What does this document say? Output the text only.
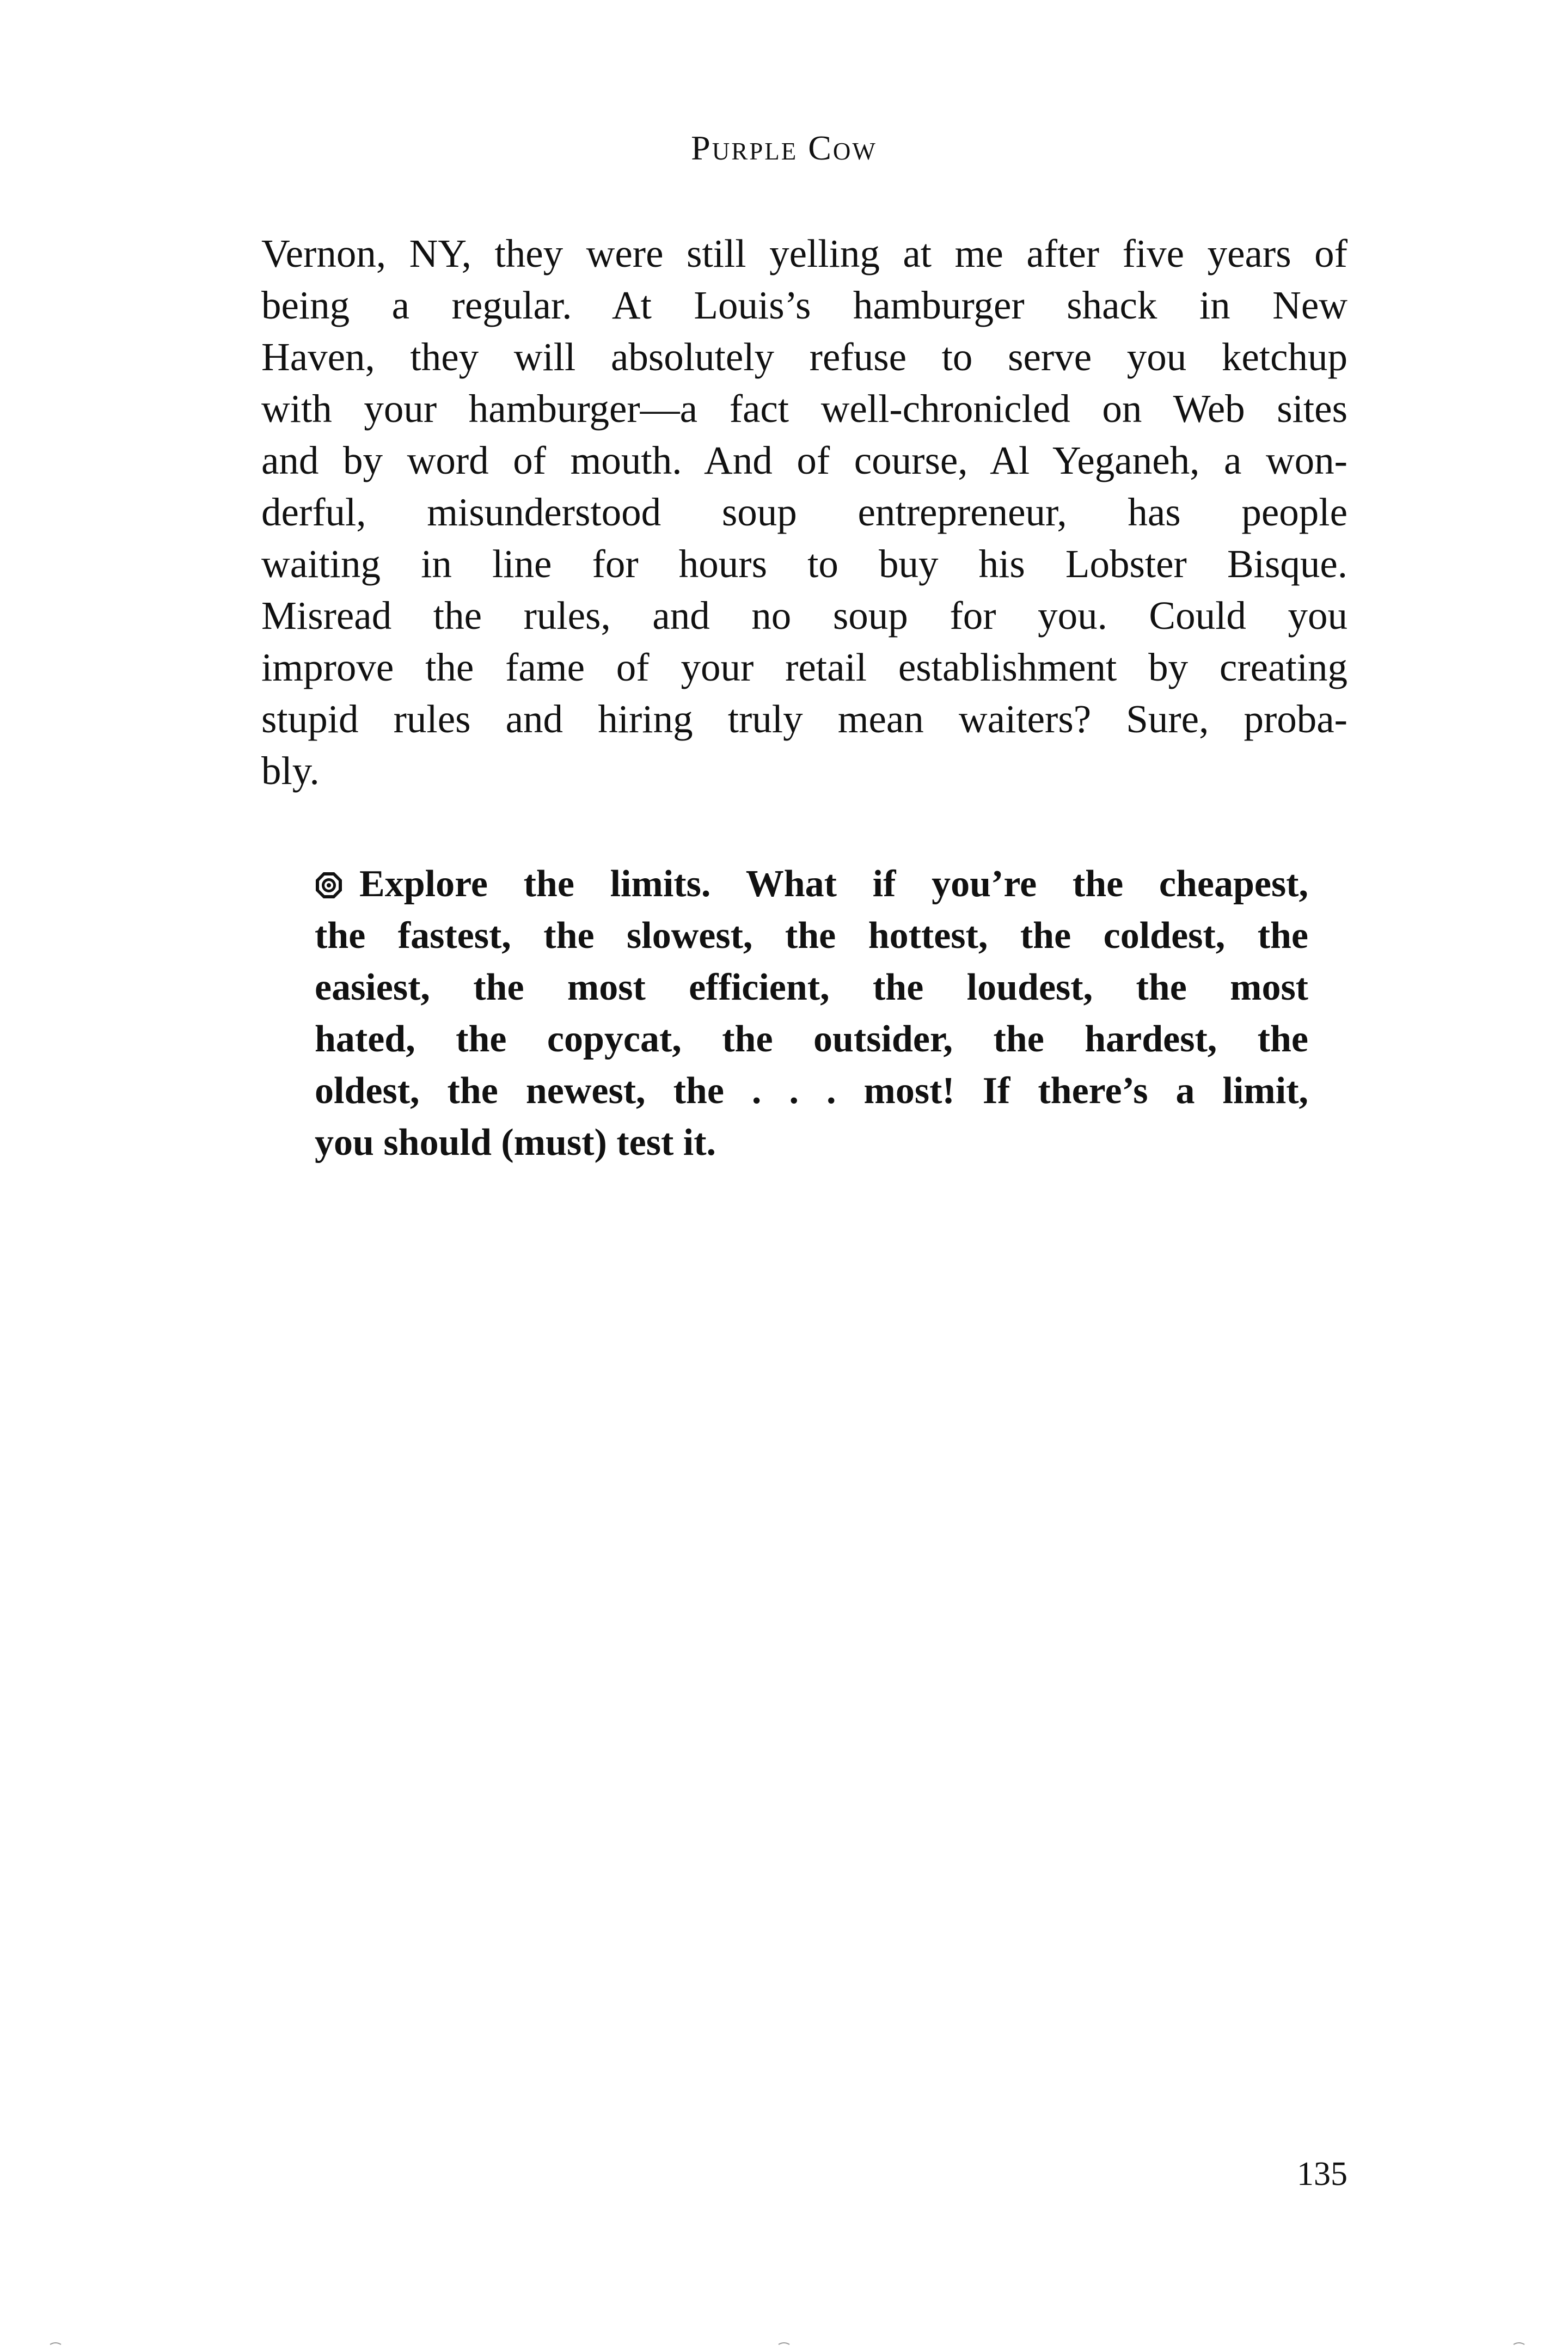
Purple Cow
Vernon, NY, they were still yelling at me after five years of
being a regular. At Louis’s hamburger shack in New
Haven, they will absolutely refuse to serve you ketchup
with your hamburger—a fact well-chronicled on Web sites
and by word of mouth. And of course, Al Yeganeh, a won-
derful, misunderstood soup entrepreneur, has people
waiting in line for hours to buy his Lobster Bisque.
Misread the rules, and no soup for you. Could you
improve the fame of your retail establishment by creating
stupid rules and hiring truly mean waiters? Sure, proba-
bly.
Explore the limits. What if you’re the cheapest,
the fastest, the slowest, the hottest, the coldest, the
easiest, the most efficient, the loudest, the most
hated, the copycat, the outsider, the hardest, the
oldest, the newest, the . . . most! If there’s a limit,
you should (must) test it.
135
